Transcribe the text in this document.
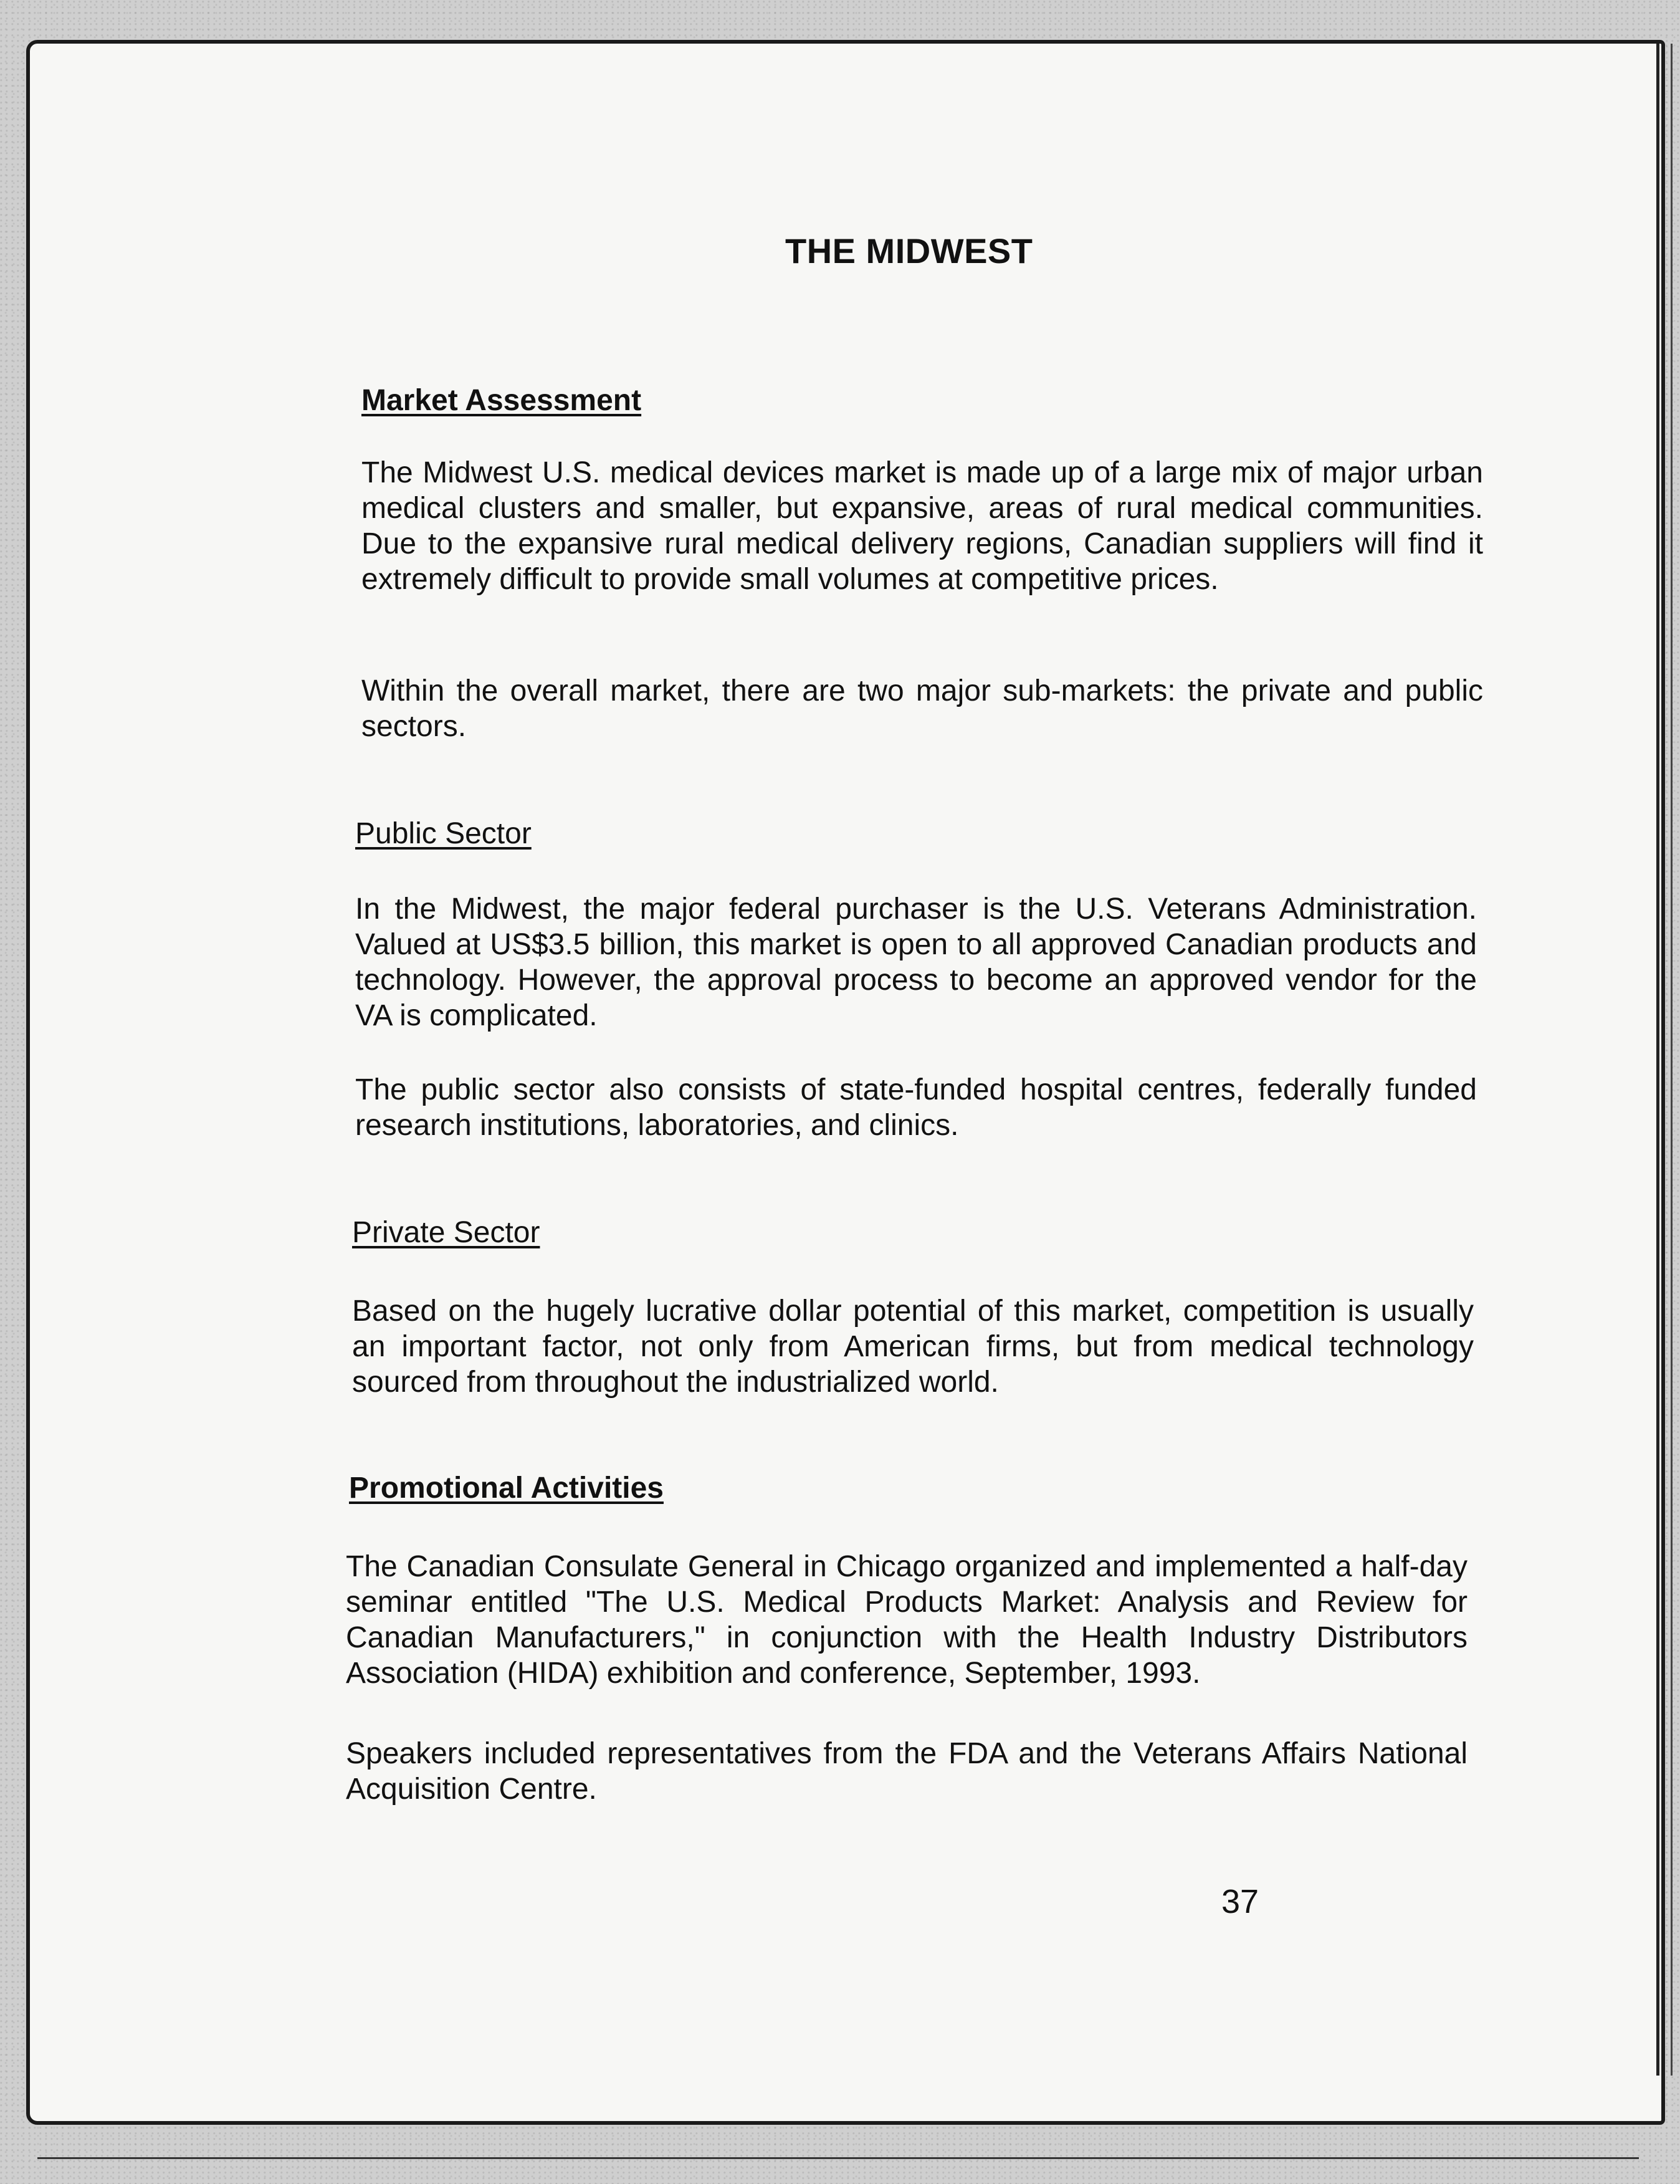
THE MIDWEST

Market Assessment

The Midwest U.S. medical devices market is made up of a large mix of major urban medical clusters and smaller, but expansive, areas of rural medical communities. Due to the expansive rural medical delivery regions, Canadian suppliers will find it extremely difficult to provide small volumes at competitive prices.

Within the overall market, there are two major sub-markets: the private and public sectors.

Public Sector

In the Midwest, the major federal purchaser is the U.S. Veterans Administration. Valued at US$3.5 billion, this market is open to all approved Canadian products and technology. However, the approval process to become an approved vendor for the VA is complicated.

The public sector also consists of state-funded hospital centres, federally funded research institutions, laboratories, and clinics.

Private Sector

Based on the hugely lucrative dollar potential of this market, competition is usually an important factor, not only from American firms, but from medical technology sourced from throughout the industrialized world.

Promotional Activities

The Canadian Consulate General in Chicago organized and implemented a half-day seminar entitled "The U.S. Medical Products Market: Analysis and Review for Canadian Manufacturers," in conjunction with the Health Industry Distributors Association (HIDA) exhibition and conference, September, 1993.

Speakers included representatives from the FDA and the Veterans Affairs National Acquisition Centre.

37
